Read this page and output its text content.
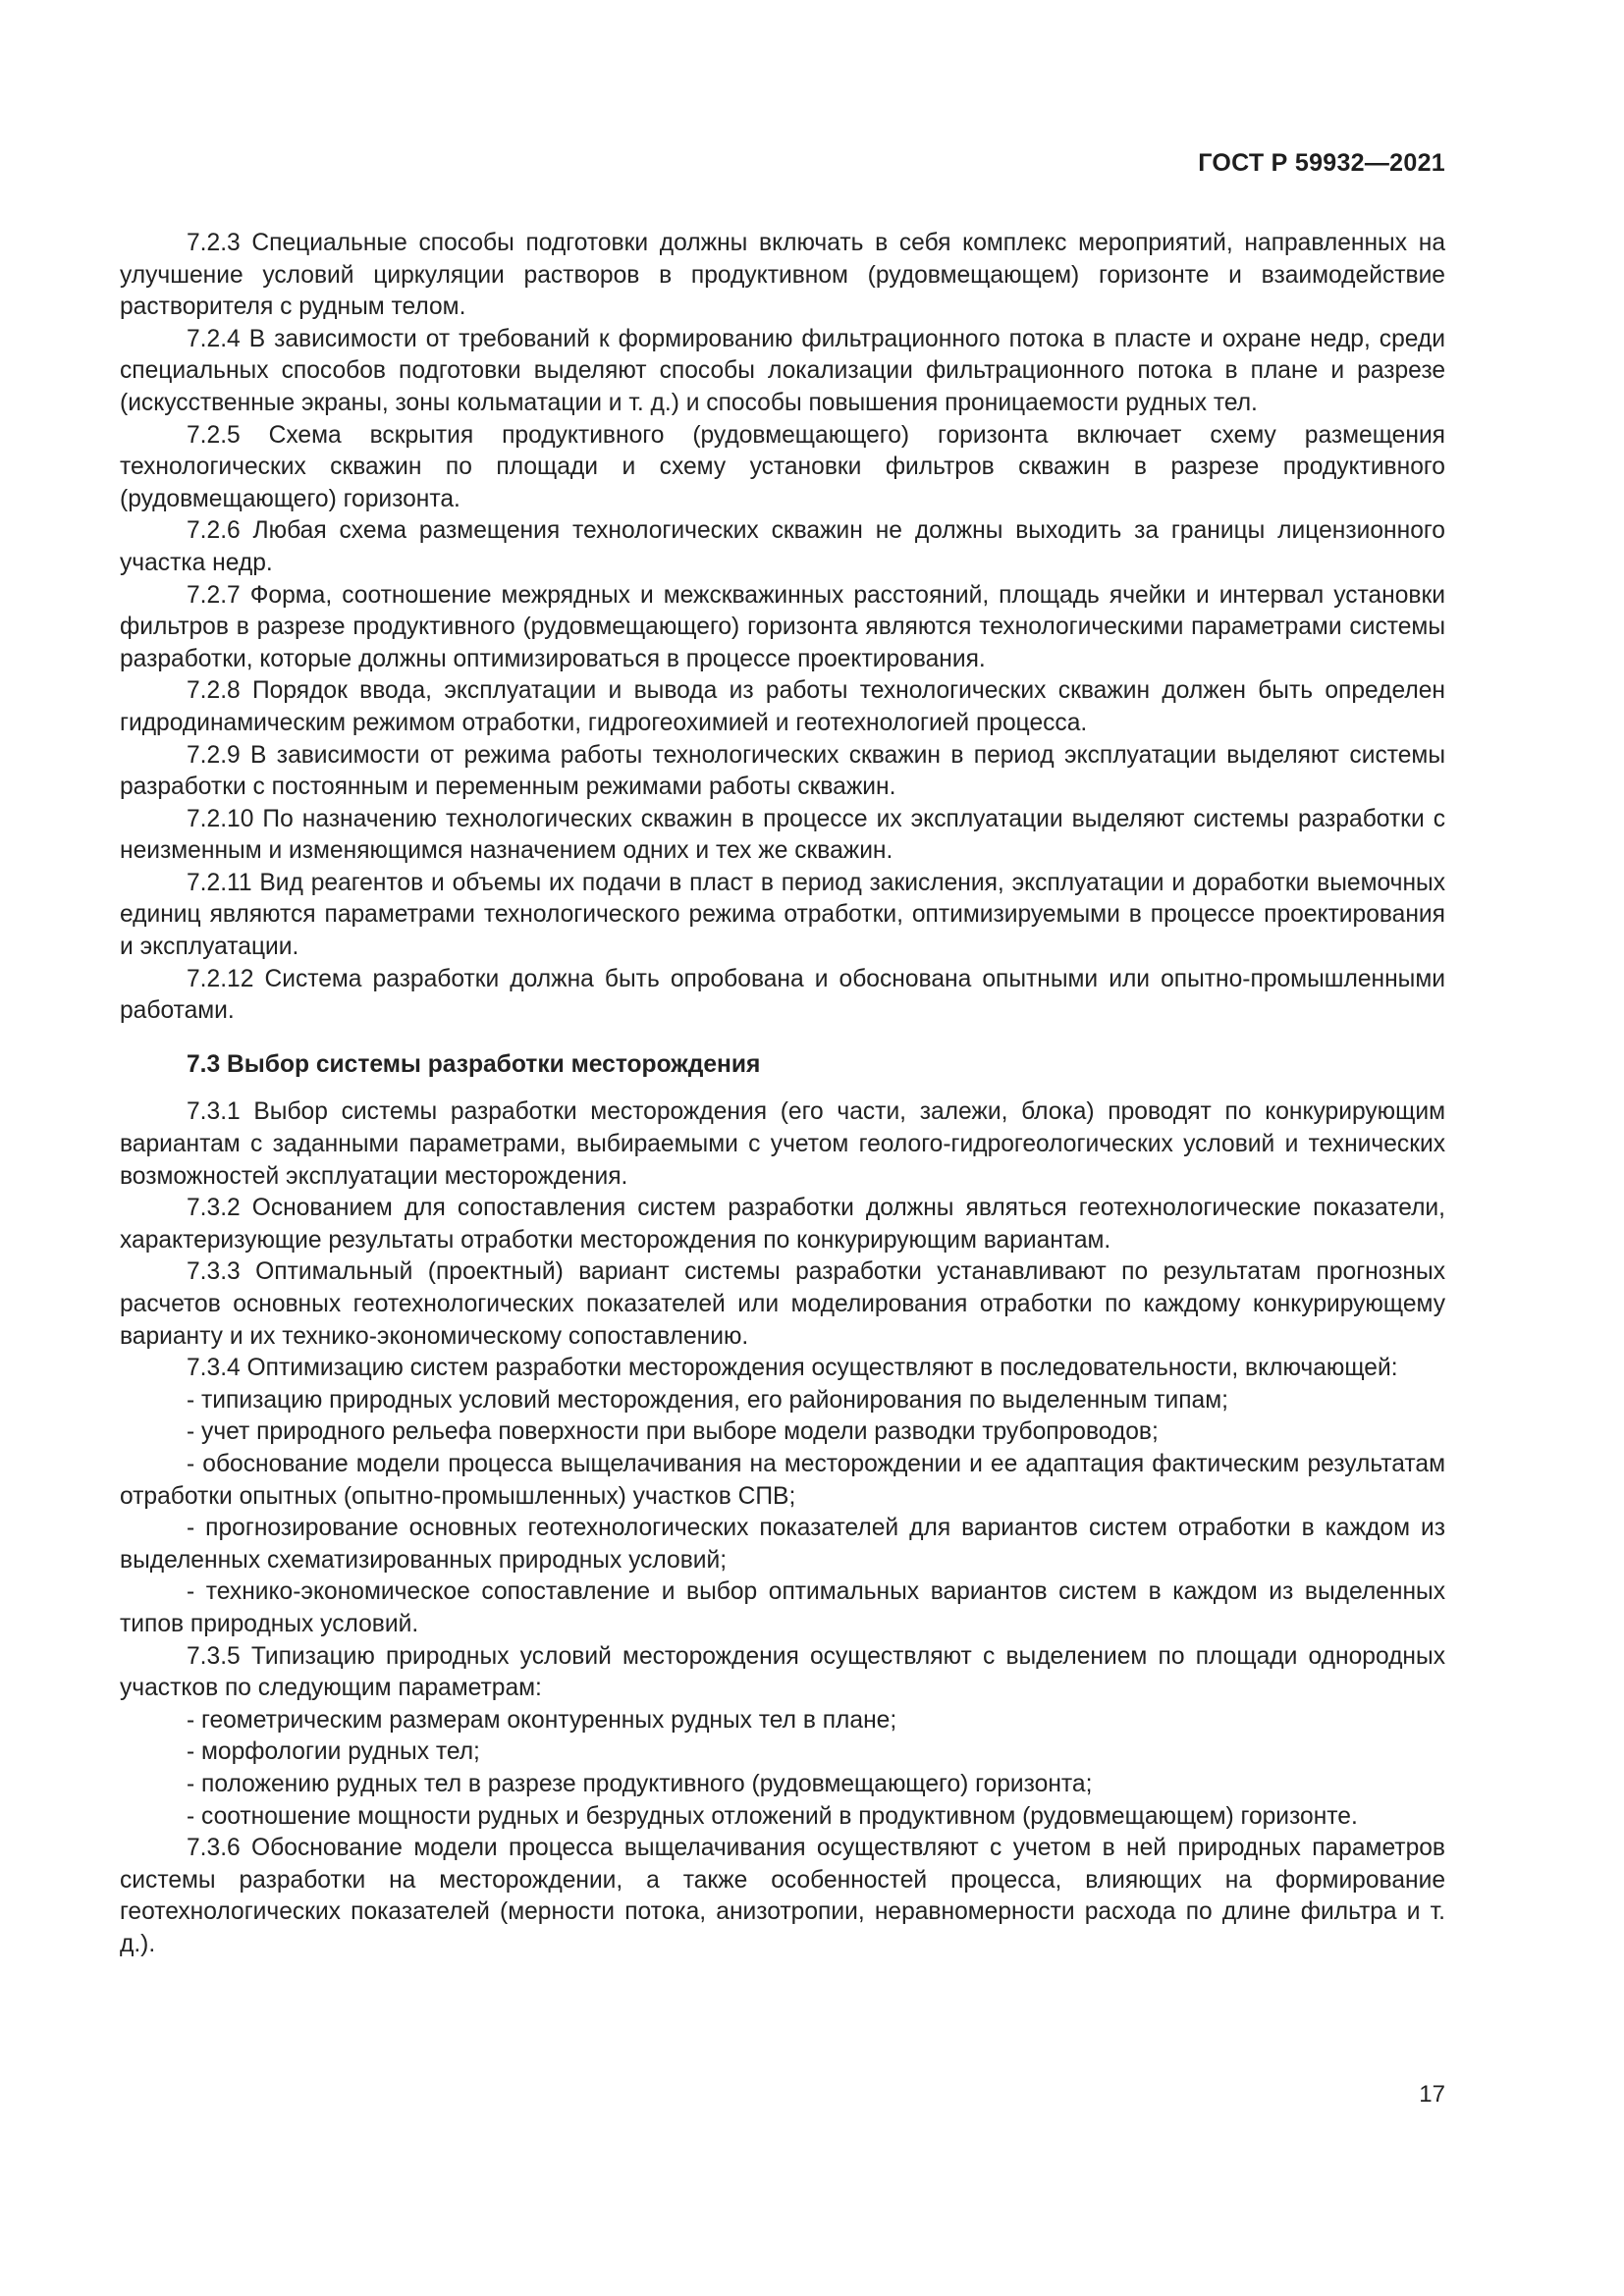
ГОСТ Р 59932—2021

7.2.3 Специальные способы подготовки должны включать в себя комплекс мероприятий, направленных на улучшение условий циркуляции растворов в продуктивном (рудовмещающем) горизонте и взаимодействие растворителя с рудным телом.

7.2.4 В зависимости от требований к формированию фильтрационного потока в пласте и охране недр, среди специальных способов подготовки выделяют способы локализации фильтрационного потока в плане и разрезе (искусственные экраны, зоны кольматации и т. д.) и способы повышения проницаемости рудных тел.

7.2.5 Схема вскрытия продуктивного (рудовмещающего) горизонта включает схему размещения технологических скважин по площади и схему установки фильтров скважин в разрезе продуктивного (рудовмещающего) горизонта.

7.2.6 Любая схема размещения технологических скважин не должны выходить за границы лицензионного участка недр.

7.2.7 Форма, соотношение межрядных и межскважинных расстояний, площадь ячейки и интервал установки фильтров в разрезе продуктивного (рудовмещающего) горизонта являются технологическими параметрами системы разработки, которые должны оптимизироваться в процессе проектирования.

7.2.8 Порядок ввода, эксплуатации и вывода из работы технологических скважин должен быть определен гидродинамическим режимом отработки, гидрогеохимией и геотехнологией процесса.

7.2.9 В зависимости от режима работы технологических скважин в период эксплуатации выделяют системы разработки с постоянным и переменным режимами работы скважин.

7.2.10 По назначению технологических скважин в процессе их эксплуатации выделяют системы разработки с неизменным и изменяющимся назначением одних и тех же скважин.

7.2.11 Вид реагентов и объемы их подачи в пласт в период закисления, эксплуатации и доработки выемочных единиц являются параметрами технологического режима отработки, оптимизируемыми в процессе проектирования и эксплуатации.

7.2.12 Система разработки должна быть опробована и обоснована опытными или опытно-промышленными работами.

7.3 Выбор системы разработки месторождения

7.3.1 Выбор системы разработки месторождения (его части, залежи, блока) проводят по конкурирующим вариантам с заданными параметрами, выбираемыми с учетом геолого-гидрогеологических условий и технических возможностей эксплуатации месторождения.

7.3.2 Основанием для сопоставления систем разработки должны являться геотехнологические показатели, характеризующие результаты отработки месторождения по конкурирующим вариантам.

7.3.3 Оптимальный (проектный) вариант системы разработки устанавливают по результатам прогнозных расчетов основных геотехнологических показателей или моделирования отработки по каждому конкурирующему варианту и их технико-экономическому сопоставлению.

7.3.4 Оптимизацию систем разработки месторождения осуществляют в последовательности, включающей:

- типизацию природных условий месторождения, его районирования по выделенным типам;

- учет природного рельефа поверхности при выборе модели разводки трубопроводов;

- обоснование модели процесса выщелачивания на месторождении и ее адаптация фактическим результатам отработки опытных (опытно-промышленных) участков СПВ;

- прогнозирование основных геотехнологических показателей для вариантов систем отработки в каждом из выделенных схематизированных природных условий;

- технико-экономическое сопоставление и выбор оптимальных вариантов систем в каждом из выделенных типов природных условий.

7.3.5 Типизацию природных условий месторождения осуществляют с выделением по площади однородных участков по следующим параметрам:

- геометрическим размерам оконтуренных рудных тел в плане;

- морфологии рудных тел;

- положению рудных тел в разрезе продуктивного (рудовмещающего) горизонта;

- соотношение мощности рудных и безрудных отложений в продуктивном (рудовмещающем) горизонте.

7.3.6 Обоснование модели процесса выщелачивания осуществляют с учетом в ней природных параметров системы разработки на месторождении, а также особенностей процесса, влияющих на формирование геотехнологических показателей (мерности потока, анизотропии, неравномерности расхода по длине фильтра и т. д.).

17
